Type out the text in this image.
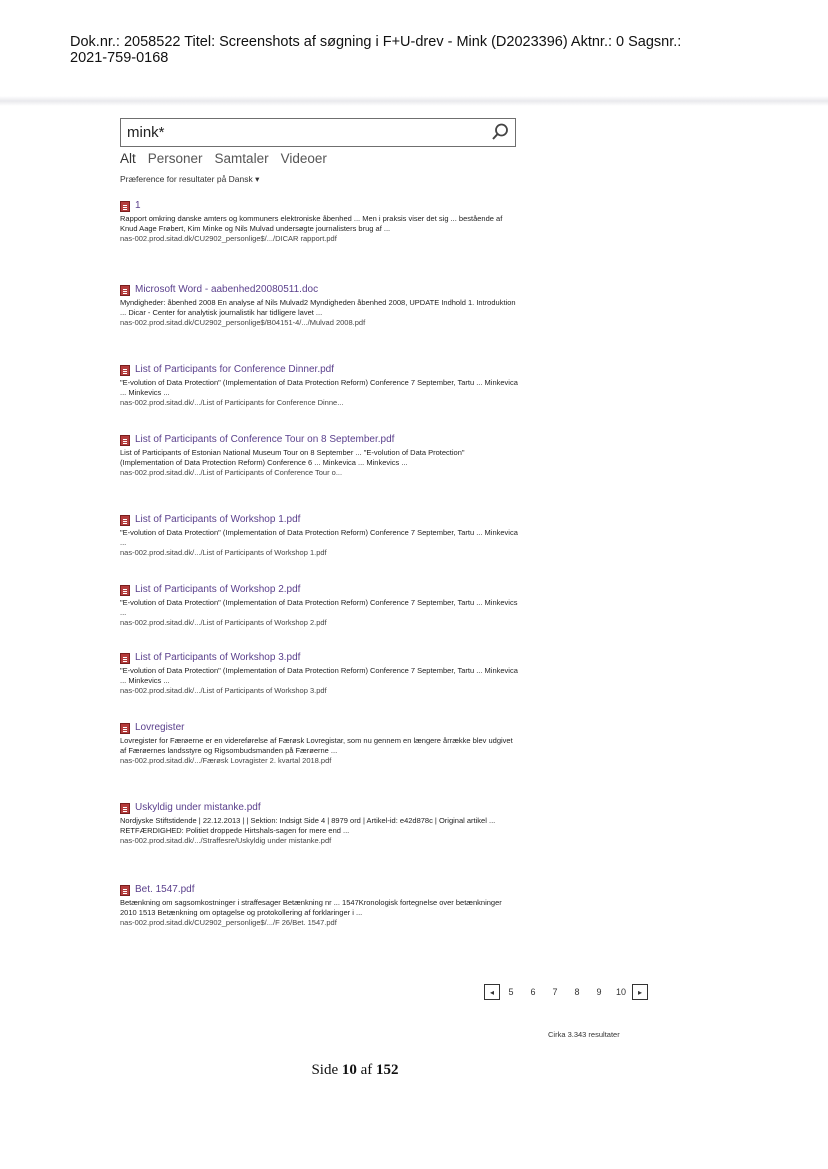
Dok.nr.: 2058522 Titel: Screenshots af søgning i F+U-drev - Mink (D2023396) Aktnr.: 0 Sagsnr.:
2021-759-0168
mink*
Alt Personer Samtaler Videoer
Præference for resultater på Dansk ▾
1
Rapport omkring danske amters og kommuners elektroniske åbenhed ... Men i praksis viser det sig ... bestående af Knud Aage Frøbert, Kim Minke og Nils Mulvad undersøgte journalisters brug af ...
nas-002.prod.sitad.dk/CU2902_personlige$/.../DICAR rapport.pdf
Microsoft Word - aabenhed20080511.doc
Myndigheder: åbenhed 2008 En analyse af Nils Mulvad2 Myndigheden åbenhed 2008, UPDATE Indhold 1. Introduktion ... Dicar - Center for analytisk journalistik har tidligere lavet ...
nas-002.prod.sitad.dk/CU2902_personlige$/B04151-4/.../Mulvad 2008.pdf
List of Participants for Conference Dinner.pdf
"E-volution of Data Protection" (Implementation of Data Protection Reform) Conference 7 September, Tartu ... Minkevica ... Minkevics ...
nas-002.prod.sitad.dk/.../List of Participants for Conference Dinne...
List of Participants of Conference Tour on 8 September.pdf
List of Participants of Estonian National Museum Tour on 8 September ... "E-volution of Data Protection" (Implementation of Data Protection Reform) Conference 6 ... Minkevica ... Minkevics ...
nas-002.prod.sitad.dk/.../List of Participants of Conference Tour o...
List of Participants of Workshop 1.pdf
"E-volution of Data Protection" (Implementation of Data Protection Reform) Conference 7 September, Tartu ... Minkevica ...
nas-002.prod.sitad.dk/.../List of Participants of Workshop 1.pdf
List of Participants of Workshop 2.pdf
"E-volution of Data Protection" (Implementation of Data Protection Reform) Conference 7 September, Tartu ... Minkevics ...
nas-002.prod.sitad.dk/.../List of Participants of Workshop 2.pdf
List of Participants of Workshop 3.pdf
"E-volution of Data Protection" (Implementation of Data Protection Reform) Conference 7 September, Tartu ... Minkevica ... Minkevics ...
nas-002.prod.sitad.dk/.../List of Participants of Workshop 3.pdf
Lovregister
Lovregister for Færøerne er en videreførelse af Færøsk Lovregistar, som nu gennem en længere årrække blev udgivet af Færøernes landsstyre og Rigsombudsmanden på Færøerne ...
nas-002.prod.sitad.dk/.../Færøsk Lovragister 2. kvartal 2018.pdf
Uskyldig under mistanke.pdf
Nordjyske Stiftstidende | 22.12.2013 | | Sektion: Indsigt Side 4 | 8979 ord | Artikel-id: e42d878c | Original artikel ... RETFÆRDIGHED: Politiet droppede Hirtshals-sagen for mere end ...
nas-002.prod.sitad.dk/.../Straffesre/Uskyldig under mistanke.pdf
Bet. 1547.pdf
Betænkning om sagsomkostninger i straffesager Betænkning nr ... 1547Kronologisk fortegnelse over betænkninger 2010 1513 Betænkning om optagelse og protokollering af forklaringer i ...
nas-002.prod.sitad.dk/CU2902_personlige$/.../F 26/Bet. 1547.pdf
◂	5	6	7	8	9	10	▸
Cirka 3.343 resultater
Side 10 af 152
